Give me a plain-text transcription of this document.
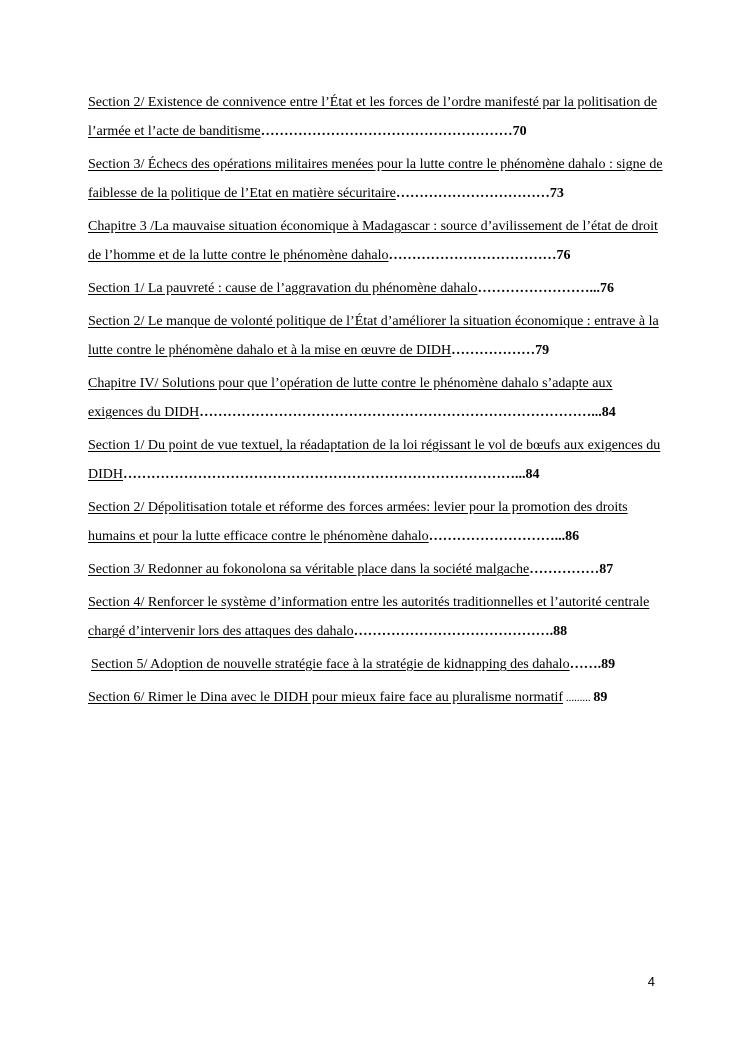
Section 2/ Existence de connivence entre l’État et les forces de l’ordre manifesté par la politisation de l’armée et l’acte de banditisme………………………………………………70

Section 3/ Échecs des opérations militaires menées pour la lutte contre le phénomène dahalo : signe de faiblesse de la politique de l’Etat en matière sécuritaire……………………………73

Chapitre 3 /La mauvaise situation économique à Madagascar : source d’avilissement de l’état de droit de l’homme et de la lutte contre le phénomène dahalo………………………………76

Section 1/ La pauvreté : cause de l’aggravation du phénomène dahalo……………………...76

Section 2/ Le manque de volonté politique de l’État d’améliorer la situation économique : entrave à la lutte contre le phénomène dahalo et à la mise en œuvre de DIDH………………79

Chapitre IV/ Solutions pour que l’opération de lutte contre le phénomène dahalo s’adapte aux exigences du DIDH…………………………………………………………………………...84

Section 1/ Du point de vue textuel, la réadaptation de la loi régissant le vol de bœufs aux exigences du DIDH…………………………………………………………………………...84

Section 2/ Dépolitisation totale et réforme des forces armées: levier pour la promotion des droits humains et pour la lutte efficace contre le phénomène dahalo………………………...86

Section 3/ Redonner au fokonolona sa véritable place dans la société malgache……………87

Section 4/ Renforcer le système d’information entre les autorités traditionnelles et l’autorité centrale chargé d’intervenir lors des attaques des dahalo…………………………………….88

Section 5/ Adoption de nouvelle stratégie face à la stratégie de kidnapping des dahalo…….89

Section 6/ Rimer le Dina avec le DIDH pour mieux faire face au pluralisme normatif ......... 89

4
